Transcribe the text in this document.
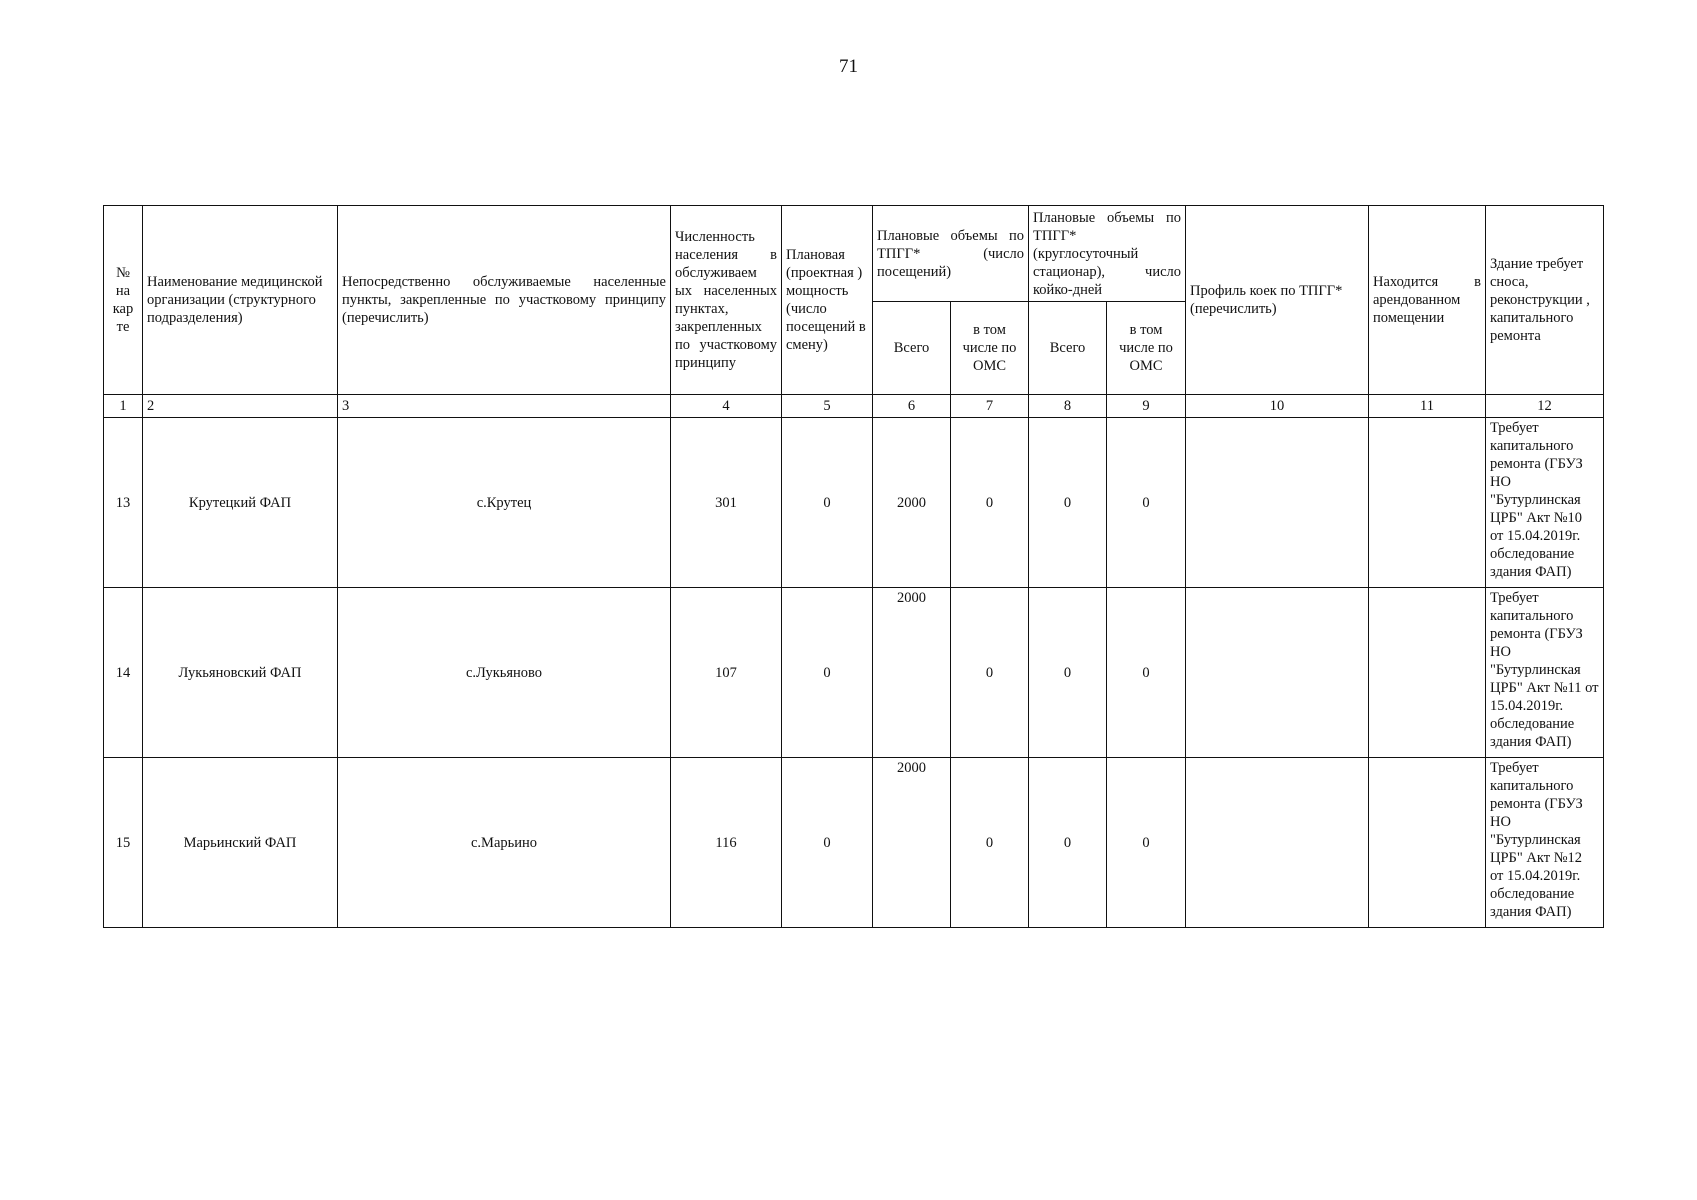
71
№ на кар те	Наименование медицинской организации (структурного подразделения)	Непосредственно обслуживаемые населенные пункты, закрепленные по участковому принципу (перечислить)	Численность населения в обслуживаем ых населенных пунктах, закрепленных по участковому принципу	Плановая (проектная ) мощность (число посещений в смену)	Плановые объемы по ТПГГ* (число посещений)		Плановые объемы по ТПГГ* (круглосуточный стационар), число койко-дней		Профиль коек по ТПГГ* (перечислить)	Находится в арендованном помещении	Здание требует сноса, реконструкции , капитального ремонта
					Всего	в том числе по ОМС	Всего	в том числе по ОМС			
1	2	3	4	5	6	7	8	9	10	11	12
13	Крутецкий ФАП	с.Крутец	301	0	2000	0	0	0			Требует капитального ремонта (ГБУЗ НО "Бутурлинская ЦРБ" Акт №10 от 15.04.2019г. обследование здания ФАП)
14	Лукьяновский ФАП	с.Лукьяново	107	0	2000	0	0	0			Требует капитального ремонта (ГБУЗ НО "Бутурлинская ЦРБ" Акт №11 от 15.04.2019г. обследование здания ФАП)
15	Марьинский ФАП	с.Марьино	116	0	2000	0	0	0			Требует капитального ремонта (ГБУЗ НО "Бутурлинская ЦРБ" Акт №12 от 15.04.2019г. обследование здания ФАП)
